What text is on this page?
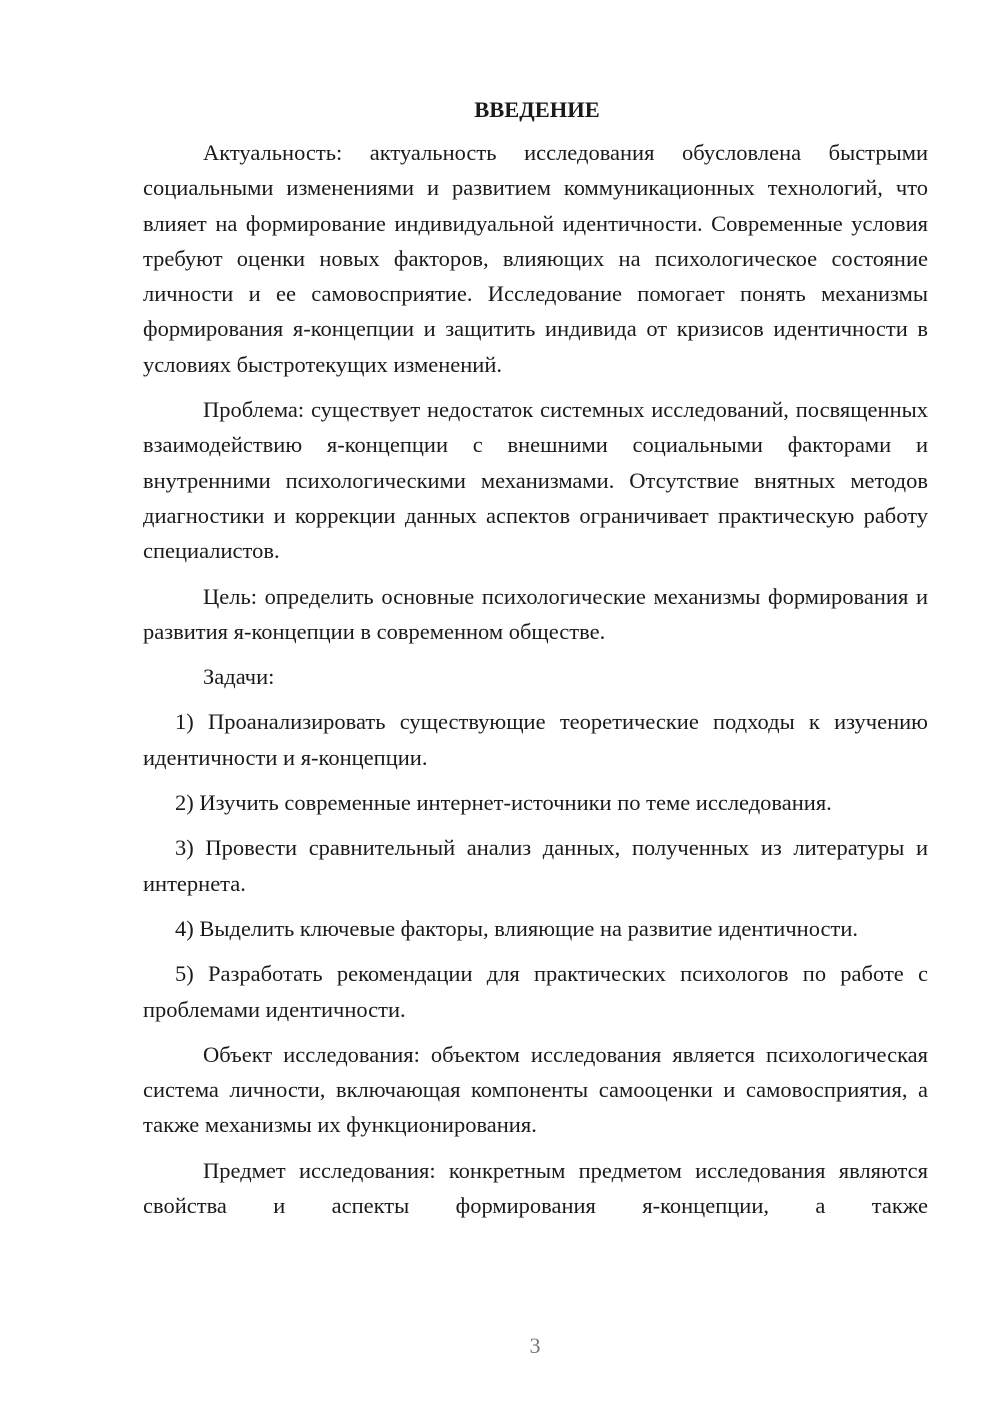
ВВЕДЕНИЕ

Актуальность: актуальность исследования обусловлена быстрыми социальными изменениями и развитием коммуникационных технологий, что влияет на формирование индивидуальной идентичности. Современные условия требуют оценки новых факторов, влияющих на психологическое состояние личности и ее самовосприятие. Исследование помогает понять механизмы формирования я-концепции и защитить индивида от кризисов идентичности в условиях быстротекущих изменений.

Проблема: существует недостаток системных исследований, посвященных взаимодействию я-концепции с внешними социальными факторами и внутренними психологическими механизмами. Отсутствие внятных методов диагностики и коррекции данных аспектов ограничивает практическую работу специалистов.

Цель: определить основные психологические механизмы формирования и развития я-концепции в современном обществе.

Задачи:

1) Проанализировать существующие теоретические подходы к изучению идентичности и я-концепции.

2) Изучить современные интернет-источники по теме исследования.

3) Провести сравнительный анализ данных, полученных из литературы и интернета.

4) Выделить ключевые факторы, влияющие на развитие идентичности.

5) Разработать рекомендации для практических психологов по работе с проблемами идентичности.

Объект исследования: объектом исследования является психологическая система личности, включающая компоненты самооценки и самовосприятия, а также механизмы их функционирования.

Предмет исследования: конкретным предметом исследования являются свойства и аспекты формирования я-концепции, а также

3
